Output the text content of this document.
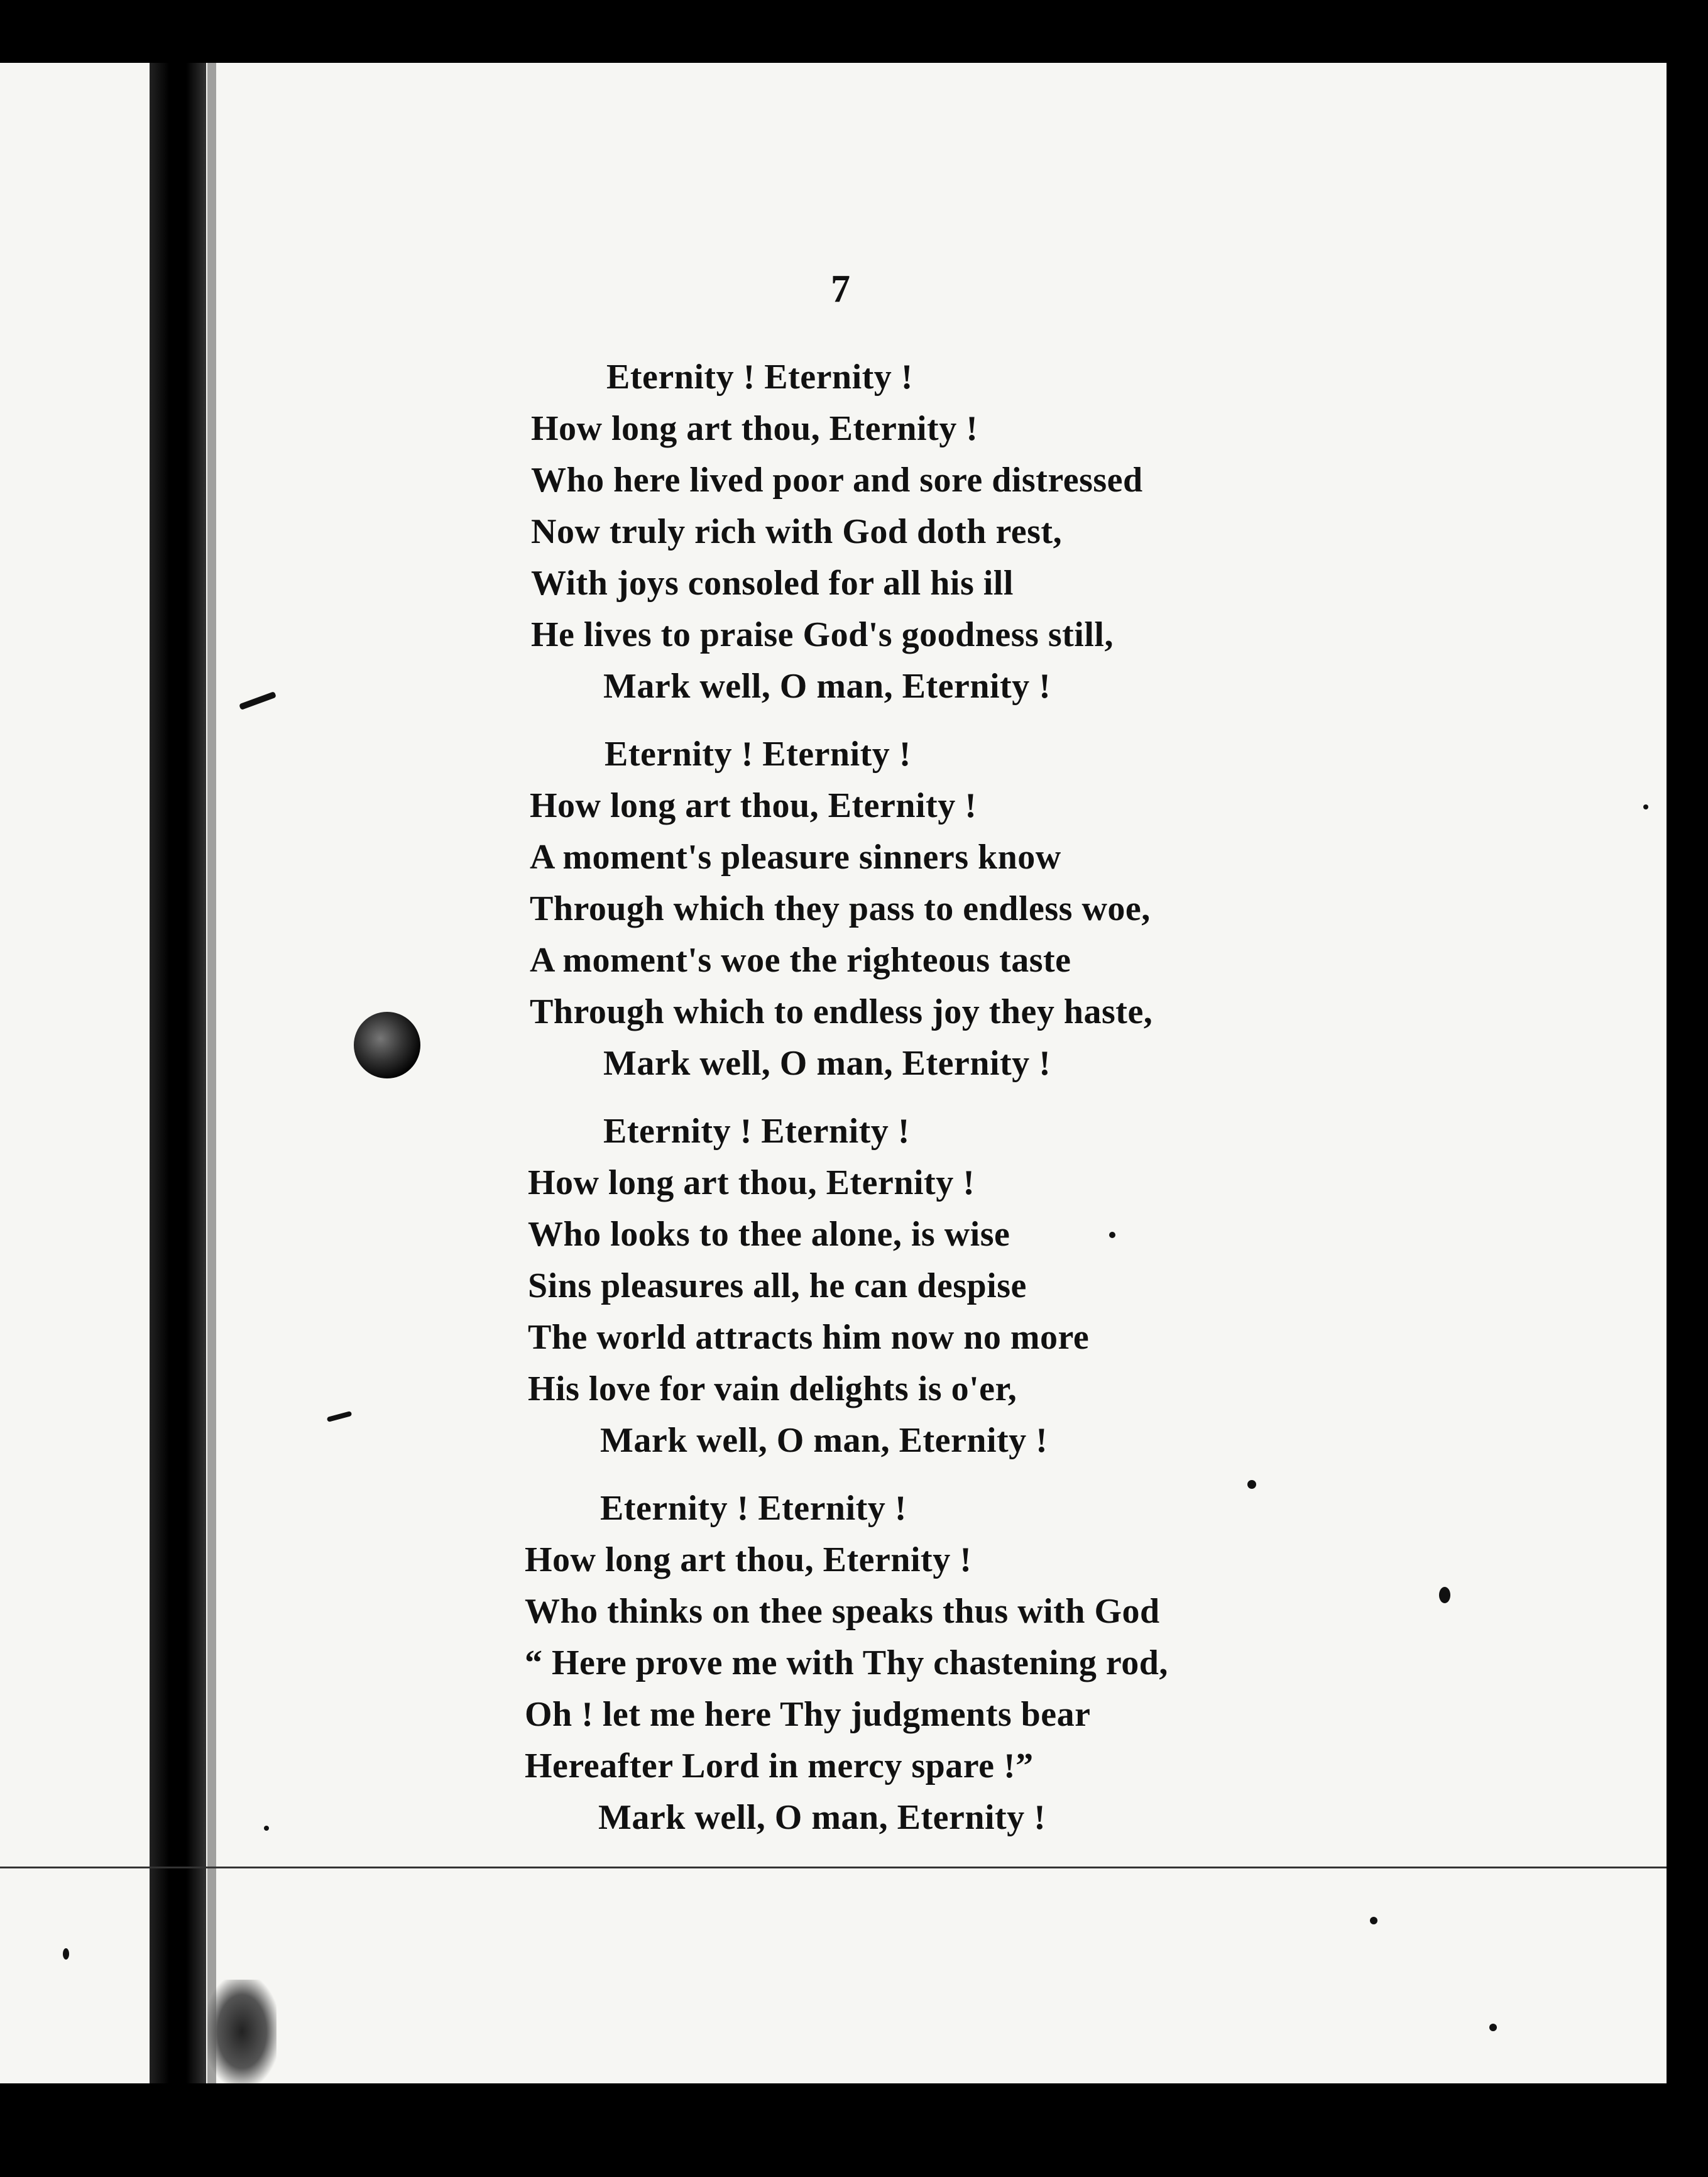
7
Eternity ! Eternity !
How long art thou, Eternity !
Who here lived poor and sore distressed
Now truly rich with God doth rest,
With joys consoled for all his ill
He lives to praise God's goodness still,
Mark well, O man, Eternity !
Eternity ! Eternity !
How long art thou, Eternity !
A moment's pleasure sinners know
Through which they pass to endless woe,
A moment's woe the righteous taste
Through which to endless joy they haste,
Mark well, O man, Eternity !
Eternity ! Eternity !
How long art thou, Eternity !
Who looks to thee alone, is wise
Sins pleasures all, he can despise
The world attracts him now no more
His love for vain delights is o'er,
Mark well, O man, Eternity !
Eternity ! Eternity !
How long art thou, Eternity !
Who thinks on thee speaks thus with God
“ Here prove me with Thy chastening rod,
Oh ! let me here Thy judgments bear
Hereafter Lord in mercy spare !”
Mark well, O man, Eternity !
